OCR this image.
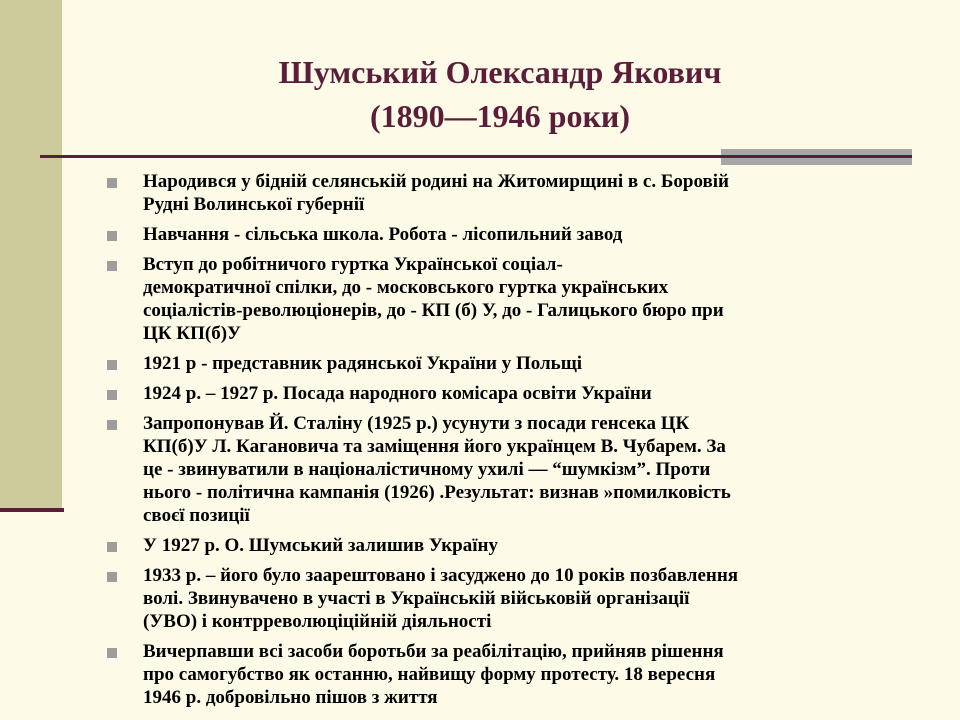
Шумський Олександр Якович
(1890—1946 роки)
Народився у бідній селянській родині на Житомирщині в с. Боровій
Рудні Волинської губернії
Навчання - сільська школа. Робота - лісопильний завод
Вступ до робітничого гуртка Української соціал-
демократичної спілки, до - московського гуртка українських
соціалістів-революціонерів, до - КП (б) У, до - Галицького бюро при
ЦК КП(б)У
1921 р - представник радянської України у Польщі
1924 р. – 1927 р. Посада народного комісара освіти України
Запропонував Й. Сталіну (1925 р.) усунути з посади генсека ЦК
КП(б)У Л. Кагановича та заміщення його українцем В. Чубарем. За
це - звинуватили в націоналістичному ухилі — “шумкізм”. Проти
нього - політична кампанія (1926) .Результат: визнав »помилковість
своєї позиції
У 1927 р. О. Шумський залишив Україну
1933 р. – його було заарештовано і засуджено до 10 років позбавлення
волі. Звинувачено в участі в Українській військовій організації
(УВО) і контрреволюціційній діяльності
Вичерпавши всі засоби боротьби за реабілітацію, прийняв рішення
про самогубство як останню, найвищу форму протесту. 18 вересня
1946 р. добровільно пішов з життя
